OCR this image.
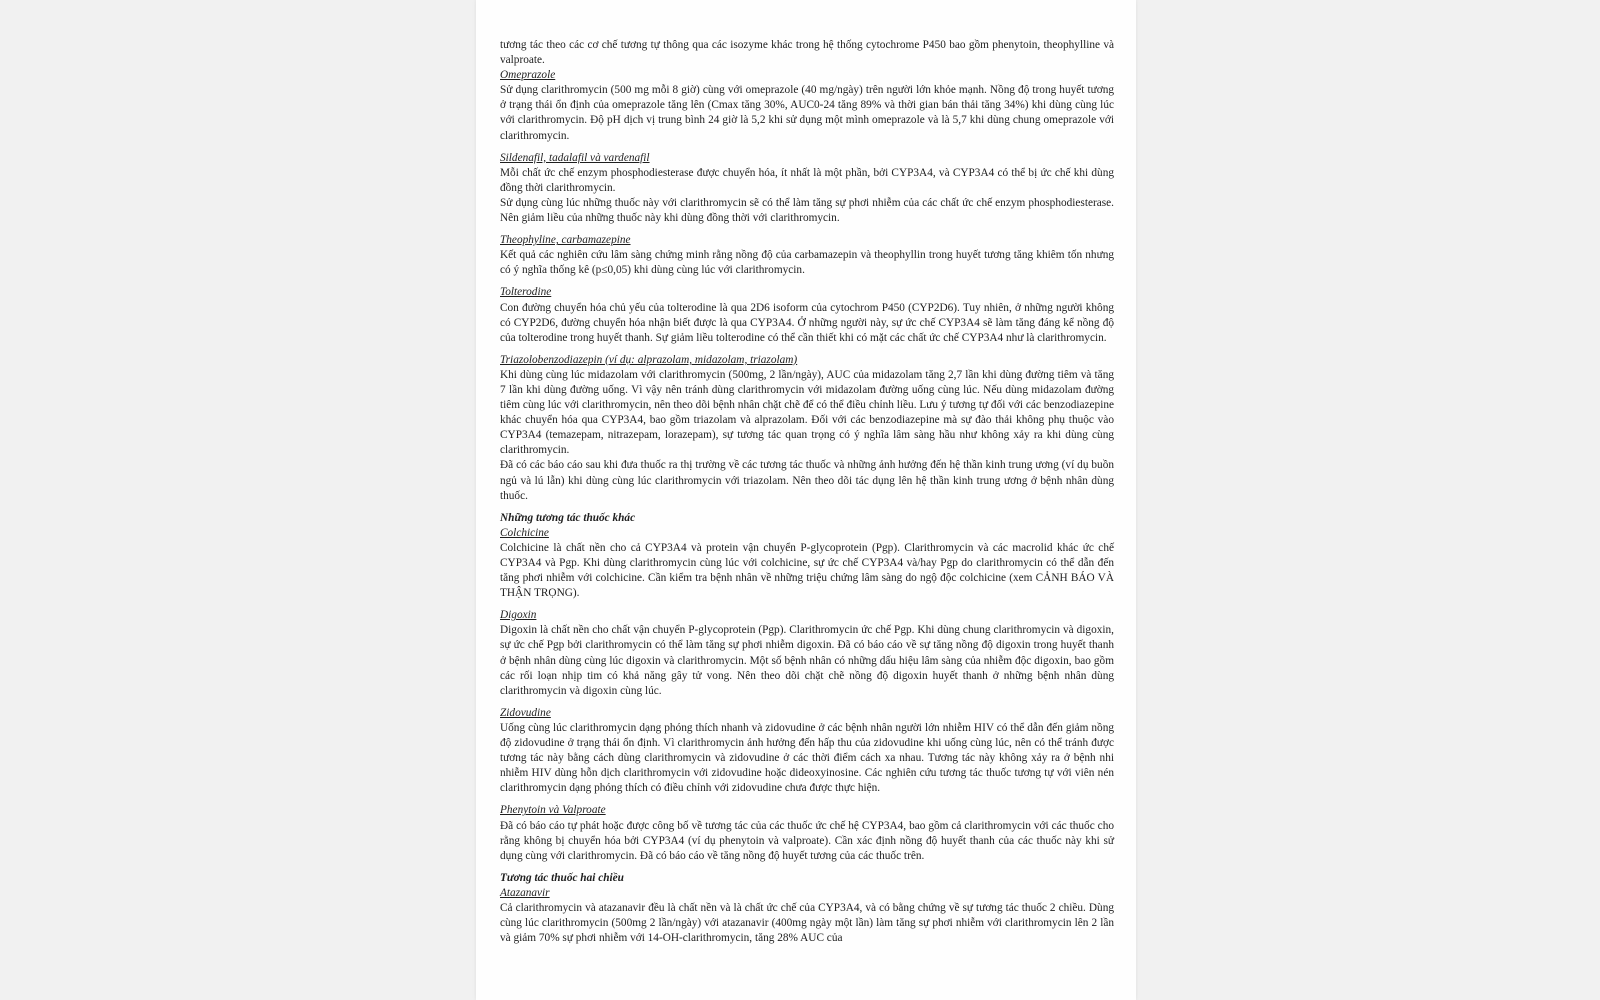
tương tác theo các cơ chế tương tự thông qua các isozyme khác trong hệ thống cytochrome P450 bao gồm phenytoin, theophylline và valproate.

Omeprazole

Sử dụng clarithromycin (500 mg mỗi 8 giờ) cùng với omeprazole (40 mg/ngày) trên người lớn khỏe mạnh. Nồng độ trong huyết tương ở trạng thái ổn định của omeprazole tăng lên (Cmax tăng 30%, AUC0-24 tăng 89% và thời gian bán thải tăng 34%) khi dùng cùng lúc với clarithromycin. Độ pH dịch vị trung bình 24 giờ là 5,2 khi sử dụng một mình omeprazole và là 5,7 khi dùng chung omeprazole với clarithromycin.

Sildenafil, tadalafil và vardenafil

Mỗi chất ức chế enzym phosphodiesterase được chuyển hóa, ít nhất là một phần, bởi CYP3A4, và CYP3A4 có thể bị ức chế khi dùng đồng thời clarithromycin.

Sử dụng cùng lúc những thuốc này với clarithromycin sẽ có thể làm tăng sự phơi nhiễm của các chất ức chế enzym phosphodiesterase. Nên giảm liều của những thuốc này khi dùng đồng thời với clarithromycin.

Theophyline, carbamazepine

Kết quả các nghiên cứu lâm sàng chứng minh rằng nồng độ của carbamazepin và theophyllin trong huyết tương tăng khiêm tốn nhưng có ý nghĩa thống kê (p≤0,05) khi dùng cùng lúc với clarithromycin.

Tolterodine

Con đường chuyển hóa chủ yếu của tolterodine là qua 2D6 isoform của cytochrom P450 (CYP2D6). Tuy nhiên, ở những người không có CYP2D6, đường chuyển hóa nhận biết được là qua CYP3A4. Ở những người này, sự ức chế CYP3A4 sẽ làm tăng đáng kể nồng độ của tolterodine trong huyết thanh. Sự giảm liều tolterodine có thể cần thiết khi có mặt các chất ức chế CYP3A4 như là clarithromycin.

Triazolobenzodiazepin (ví dụ: alprazolam, midazolam, triazolam)

Khi dùng cùng lúc midazolam với clarithromycin (500mg, 2 lần/ngày), AUC của midazolam tăng 2,7 lần khi dùng đường tiêm và tăng 7 lần khi dùng đường uống. Vì vậy nên tránh dùng clarithromycin với midazolam đường uống cùng lúc. Nếu dùng midazolam đường tiêm cùng lúc với clarithromycin, nên theo dõi bệnh nhân chặt chẽ để có thể điều chỉnh liều. Lưu ý tương tự đối với các benzodiazepine khác chuyển hóa qua CYP3A4, bao gồm triazolam và alprazolam. Đối với các benzodiazepine mà sự đào thải không phụ thuộc vào CYP3A4 (temazepam, nitrazepam, lorazepam), sự tương tác quan trọng có ý nghĩa lâm sàng hầu như không xảy ra khi dùng cùng clarithromycin.

Đã có các báo cáo sau khi đưa thuốc ra thị trường về các tương tác thuốc và những ảnh hưởng đến hệ thần kinh trung ương (ví dụ buồn ngủ và lú lẫn) khi dùng cùng lúc clarithromycin với triazolam. Nên theo dõi tác dụng lên hệ thần kinh trung ương ở bệnh nhân dùng thuốc.

Những tương tác thuốc khác

Colchicine

Colchicine là chất nền cho cả CYP3A4 và protein vận chuyển P-glycoprotein (Pgp). Clarithromycin và các macrolid khác ức chế CYP3A4 và Pgp. Khi dùng clarithromycin cùng lúc với colchicine, sự ức chế CYP3A4 và/hay Pgp do clarithromycin có thể dẫn đến tăng phơi nhiễm với colchicine. Cần kiểm tra bệnh nhân về những triệu chứng lâm sàng do ngộ độc colchicine (xem CẢNH BÁO VÀ THẬN TRỌNG).

Digoxin

Digoxin là chất nền cho chất vận chuyển P-glycoprotein (Pgp). Clarithromycin ức chế Pgp. Khi dùng chung clarithromycin và digoxin, sự ức chế Pgp bởi clarithromycin có thể làm tăng sự phơi nhiễm digoxin. Đã có báo cáo về sự tăng nồng độ digoxin trong huyết thanh ở bệnh nhân dùng cùng lúc digoxin và clarithromycin. Một số bệnh nhân có những dấu hiệu lâm sàng của nhiễm độc digoxin, bao gồm các rối loạn nhịp tim có khả năng gây tử vong. Nên theo dõi chặt chẽ nồng độ digoxin huyết thanh ở những bệnh nhân dùng clarithromycin và digoxin cùng lúc.

Zidovudine

Uống cùng lúc clarithromycin dạng phóng thích nhanh và zidovudine ở các bệnh nhân người lớn nhiễm HIV có thể dẫn đến giảm nồng độ zidovudine ở trạng thái ổn định. Vì clarithromycin ảnh hưởng đến hấp thu của zidovudine khi uống cùng lúc, nên có thể tránh được tương tác này bằng cách dùng clarithromycin và zidovudine ở các thời điểm cách xa nhau. Tương tác này không xảy ra ở bệnh nhi nhiễm HIV dùng hỗn dịch clarithromycin với zidovudine hoặc dideoxyinosine. Các nghiên cứu tương tác thuốc tương tự với viên nén clarithromycin dạng phóng thích có điều chỉnh với zidovudine chưa được thực hiện.

Phenytoin và Valproate

Đã có báo cáo tự phát hoặc được công bố về tương tác của các thuốc ức chế hệ CYP3A4, bao gồm cả clarithromycin với các thuốc cho rằng không bị chuyển hóa bởi CYP3A4 (ví dụ phenytoin và valproate). Cần xác định nồng độ huyết thanh của các thuốc này khi sử dụng cùng với clarithromycin. Đã có báo cáo về tăng nồng độ huyết tương của các thuốc trên.

Tương tác thuốc hai chiều

Atazanavir

Cả clarithromycin và atazanavir đều là chất nền và là chất ức chế của CYP3A4, và có bằng chứng về sự tương tác thuốc 2 chiều. Dùng cùng lúc clarithromycin (500mg 2 lần/ngày) với atazanavir (400mg ngày một lần) làm tăng sự phơi nhiễm với clarithromycin lên 2 lần và giảm 70% sự phơi nhiễm với 14-OH-clarithromycin, tăng 28% AUC của
